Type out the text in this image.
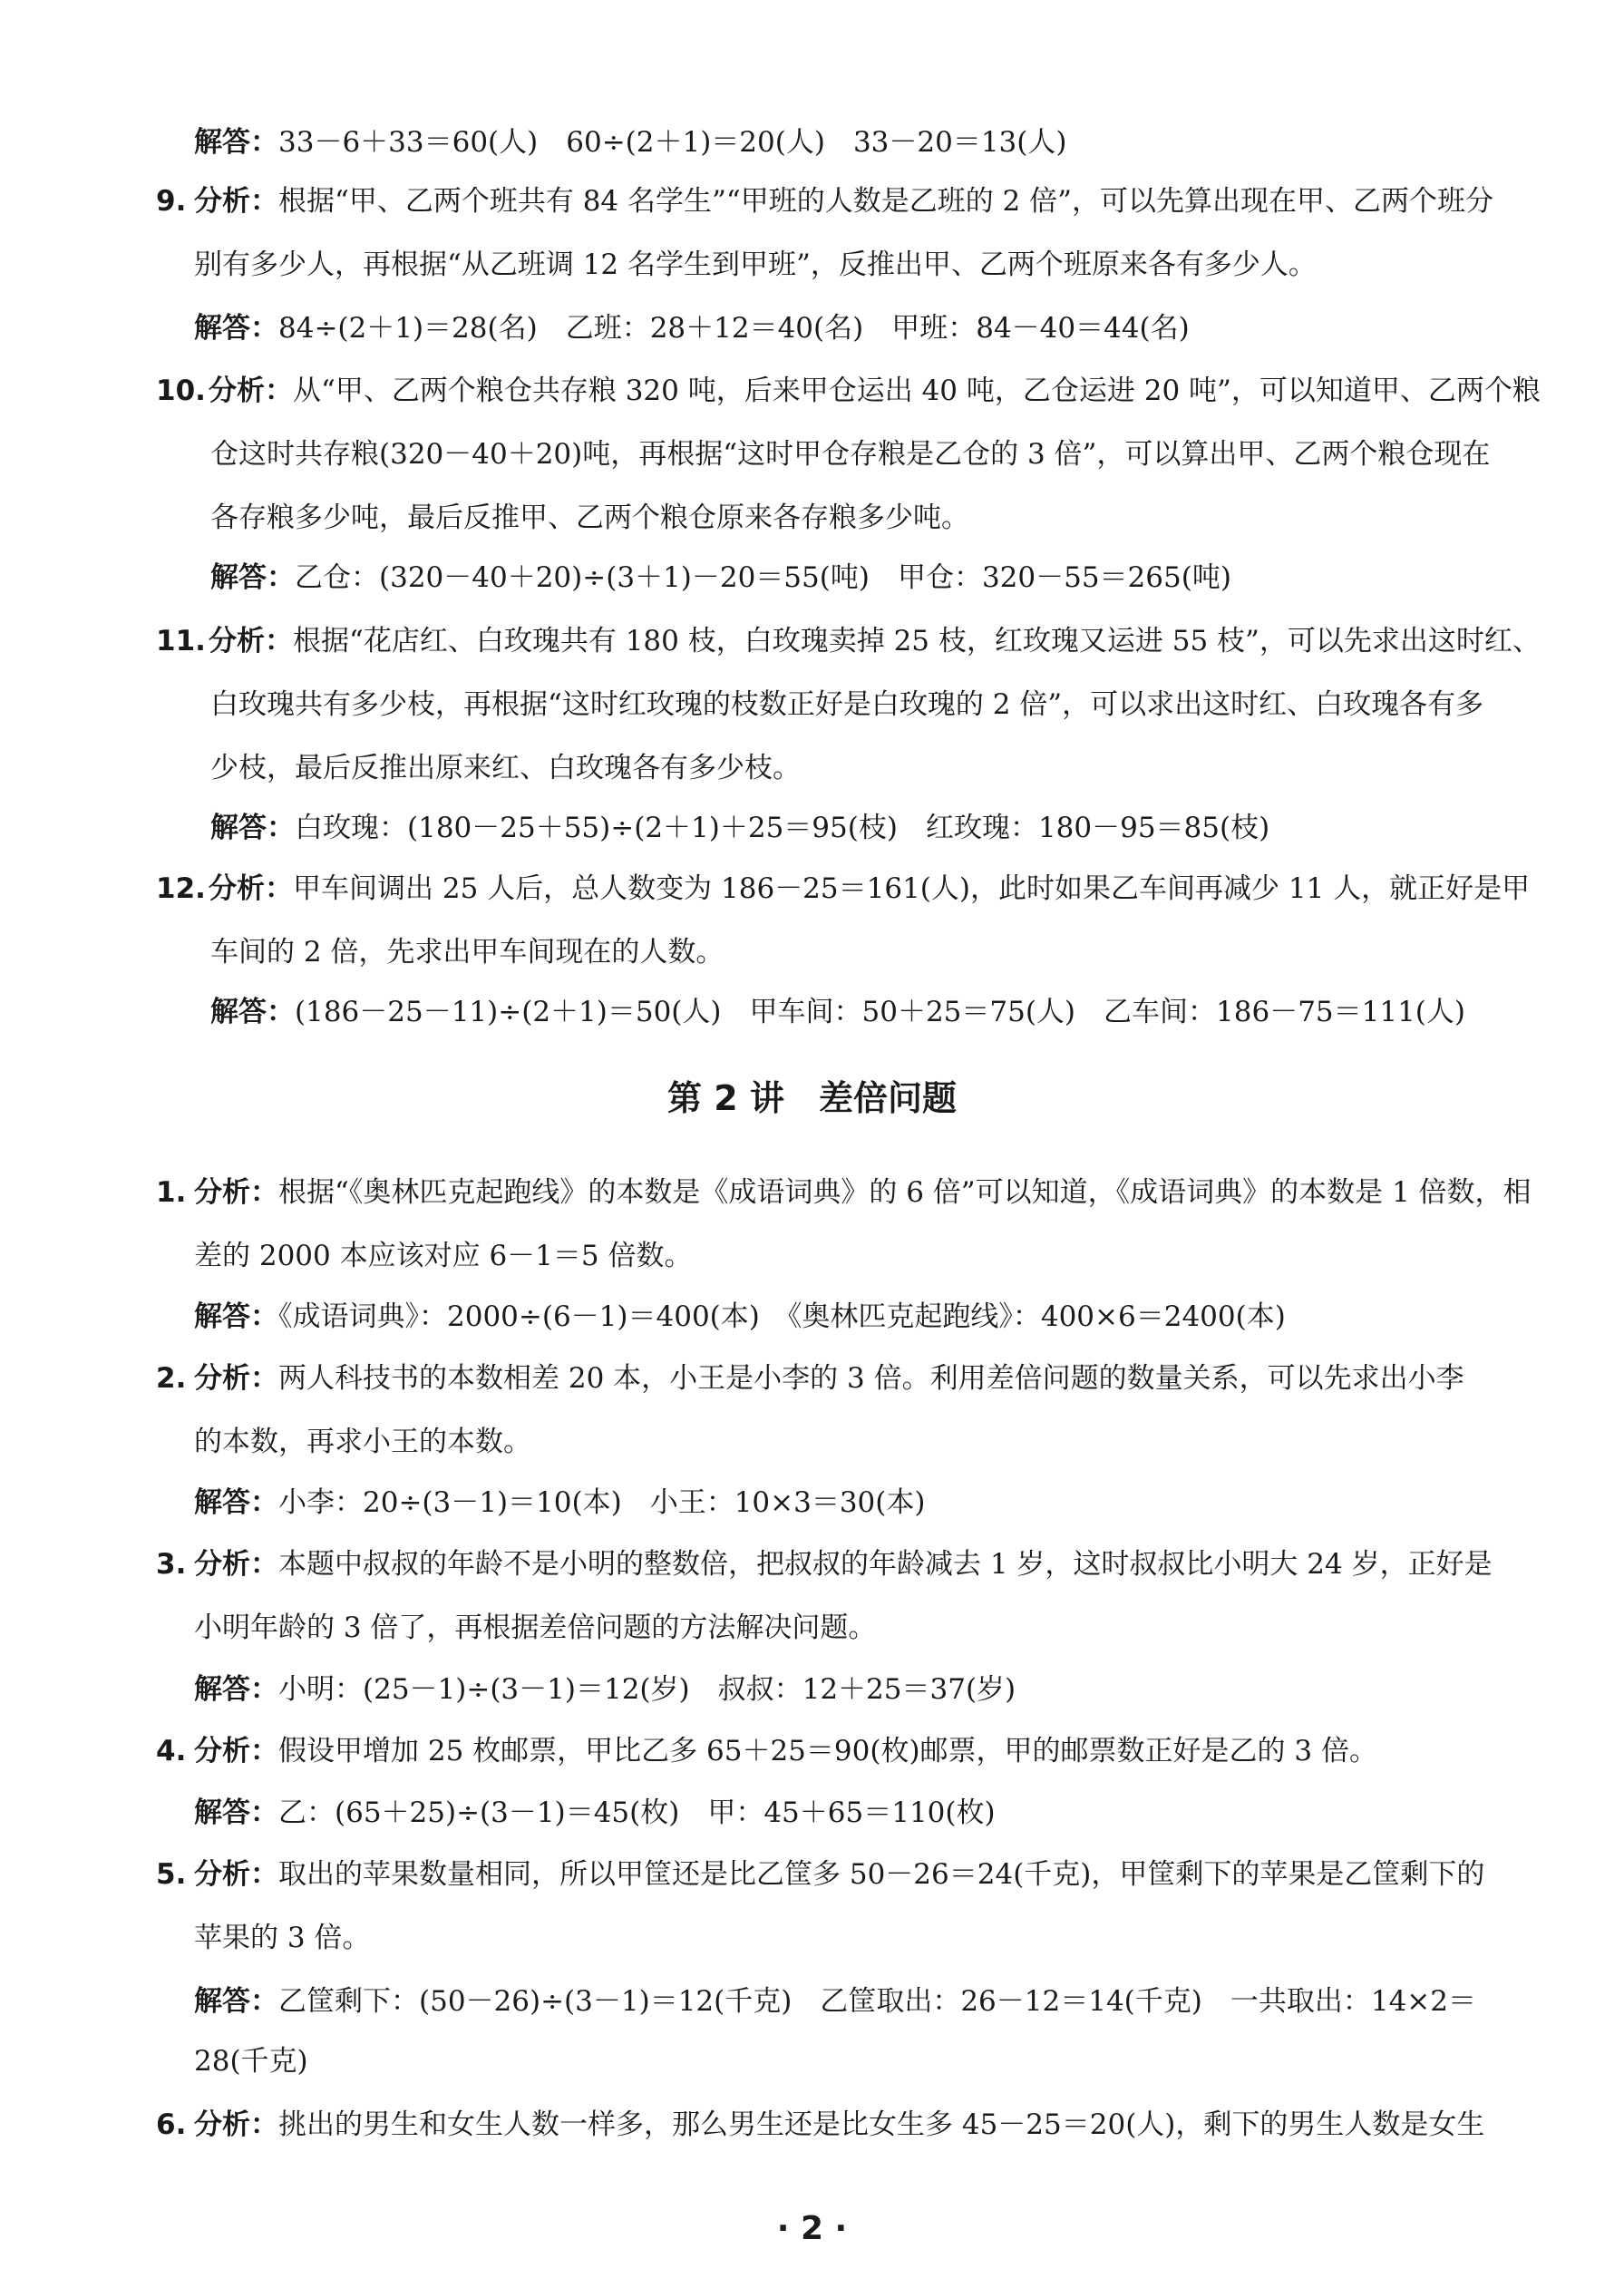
解答：33－6＋33＝60(人)　60÷(2＋1)＝20(人)　33－20＝13(人)
9. 分析：根据“甲、乙两个班共有 84 名学生”“甲班的人数是乙班的 2 倍”，可以先算出现在甲、乙两个班分
别有多少人，再根据“从乙班调 12 名学生到甲班”，反推出甲、乙两个班原来各有多少人。
解答：84÷(2＋1)＝28(名)　乙班：28＋12＝40(名)　甲班：84－40＝44(名)
10.分析：从“甲、乙两个粮仓共存粮 320 吨，后来甲仓运出 40 吨，乙仓运进 20 吨”，可以知道甲、乙两个粮
仓这时共存粮(320－40＋20)吨，再根据“这时甲仓存粮是乙仓的 3 倍”，可以算出甲、乙两个粮仓现在
各存粮多少吨，最后反推甲、乙两个粮仓原来各存粮多少吨。
解答：乙仓：(320－40＋20)÷(3＋1)－20＝55(吨)　甲仓：320－55＝265(吨)
11.分析：根据“花店红、白玫瑰共有 180 枝，白玫瑰卖掉 25 枝，红玫瑰又运进 55 枝”，可以先求出这时红、
白玫瑰共有多少枝，再根据“这时红玫瑰的枝数正好是白玫瑰的 2 倍”，可以求出这时红、白玫瑰各有多
少枝，最后反推出原来红、白玫瑰各有多少枝。
解答：白玫瑰：(180－25＋55)÷(2＋1)＋25＝95(枝)　红玫瑰：180－95＝85(枝)
12.分析：甲车间调出 25 人后，总人数变为 186－25＝161(人)，此时如果乙车间再减少 11 人，就正好是甲
车间的 2 倍，先求出甲车间现在的人数。
解答：(186－25－11)÷(2＋1)＝50(人)　甲车间：50＋25＝75(人)　乙车间：186－75＝111(人)
第 2 讲　差倍问题
1. 分析：根据“《奥林匹克起跑线》的本数是《成语词典》的 6 倍”可以知道，《成语词典》的本数是 1 倍数，相
差的 2000 本应该对应 6－1＝5 倍数。
解答：《成语词典》：2000÷(6－1)＝400(本)　《奥林匹克起跑线》：400×6＝2400(本)
2. 分析：两人科技书的本数相差 20 本，小王是小李的 3 倍。利用差倍问题的数量关系，可以先求出小李
的本数，再求小王的本数。
解答：小李：20÷(3－1)＝10(本)　小王：10×3＝30(本)
3. 分析：本题中叔叔的年龄不是小明的整数倍，把叔叔的年龄减去 1 岁，这时叔叔比小明大 24 岁，正好是
小明年龄的 3 倍了，再根据差倍问题的方法解决问题。
解答：小明：(25－1)÷(3－1)＝12(岁)　叔叔：12＋25＝37(岁)
4. 分析：假设甲增加 25 枚邮票，甲比乙多 65＋25＝90(枚)邮票，甲的邮票数正好是乙的 3 倍。
解答：乙：(65＋25)÷(3－1)＝45(枚)　甲：45＋65＝110(枚)
5. 分析：取出的苹果数量相同，所以甲筐还是比乙筐多 50－26＝24(千克)，甲筐剩下的苹果是乙筐剩下的
苹果的 3 倍。
解答：乙筐剩下：(50－26)÷(3－1)＝12(千克)　乙筐取出：26－12＝14(千克)　一共取出：14×2＝
28(千克)
6. 分析：挑出的男生和女生人数一样多，那么男生还是比女生多 45－25＝20(人)，剩下的男生人数是女生
· 2 ·
